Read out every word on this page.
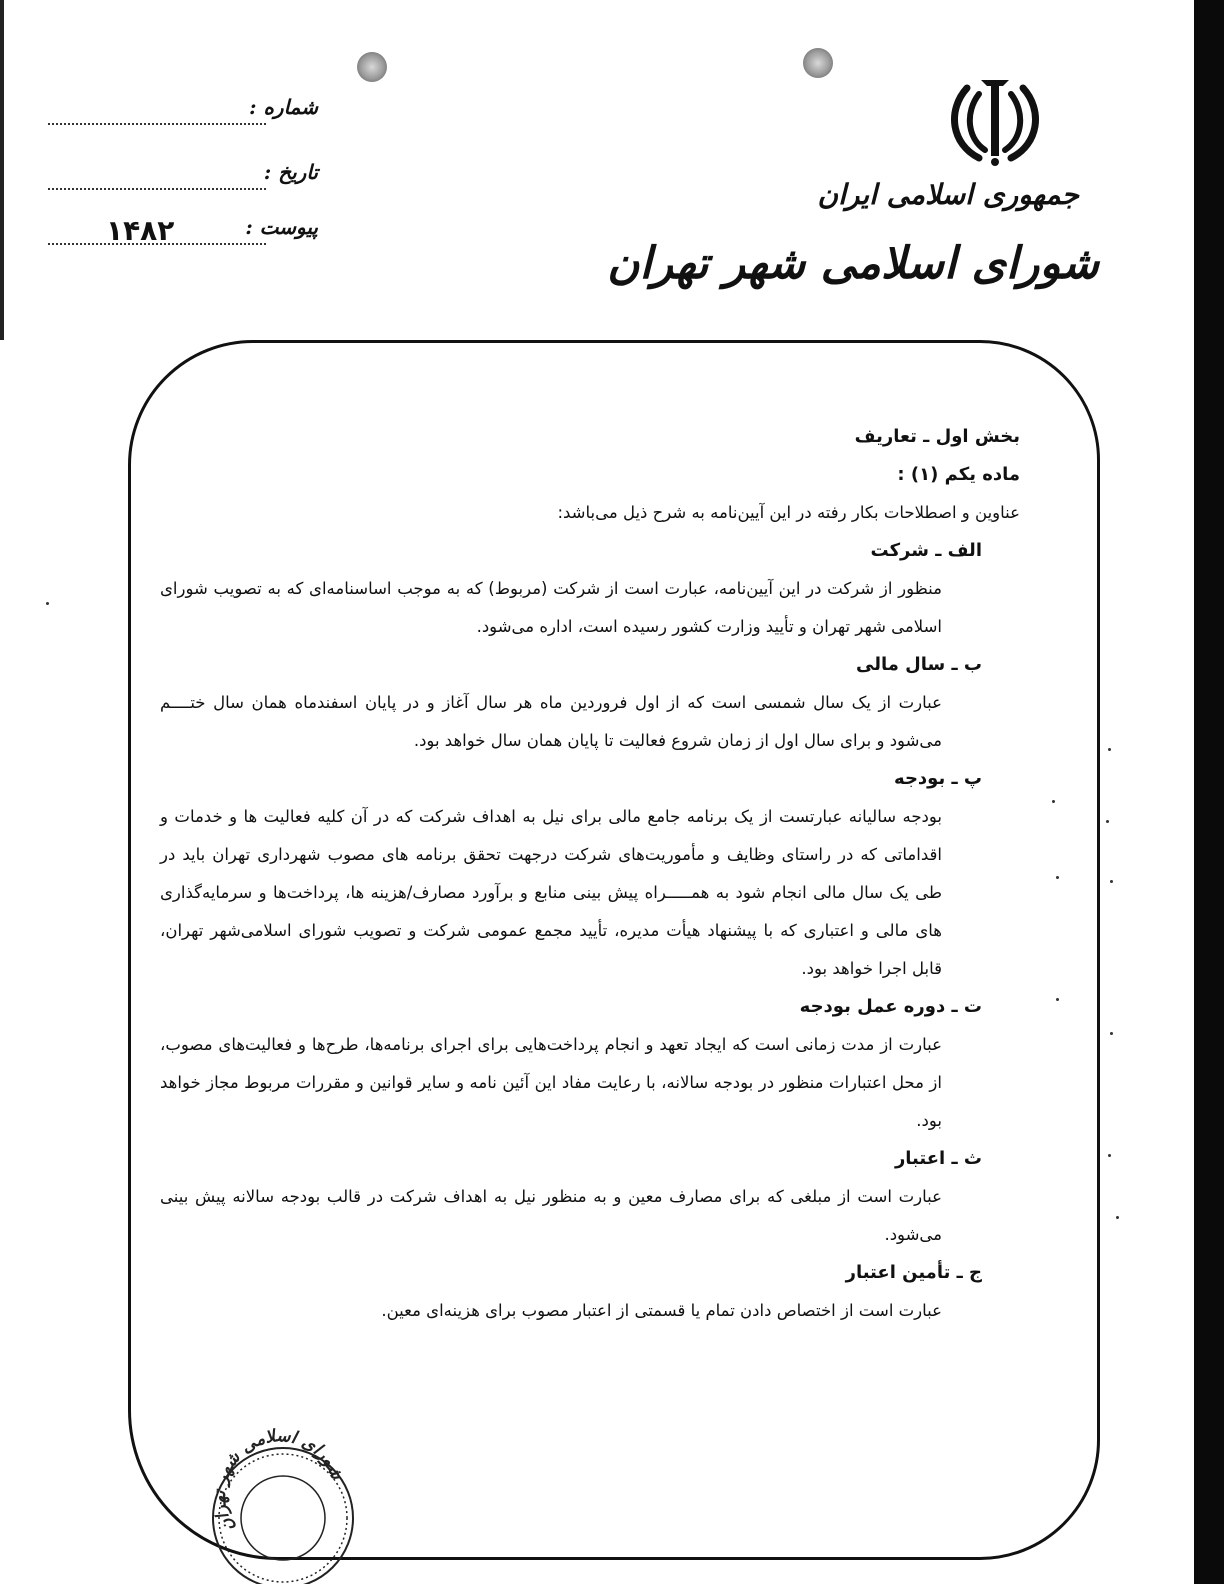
شماره :
تاریخ :
پیوست :
۱۴۸۲
جمهوری اسلامی ایران
شورای اسلامی شهر تهران
بخش اول ـ تعاریف
ماده یکم (۱) :

عناوین و اصطلاحات بکار رفته در این آیین‌نامه به شرح ذیل می‌باشد:

الف ـ شرکت

منظور از شرکت در این آیین‌نامه، عبارت است از شرکت (مربوط) که به موجب اساسنامه‌ای که به تصویب شورای اسلامی شهر تهران و تأیید وزارت کشور رسیده است، اداره می‌شود.

ب ـ سال مالی

عبارت از یک سال شمسی است که از اول فروردین ماه هر سال آغاز و در پایان اسفندماه همان سال ختــــم می‌شود و برای سال اول از زمان شروع فعالیت تا پایان همان سال خواهد بود.

پ ـ بودجه

بودجه سالیانه عبارتست از یک برنامه جامع مالی برای نیل به اهداف شرکت که در آن کلیه فعالیت ها و خدمات و اقداماتی که در راستای وظایف و مأموریت‌های شرکت درجهت تحقق برنامه های مصوب شهرداری تهران باید در طی یک سال مالی انجام شود به همـــــراه پیش بینی منابع و برآورد مصارف/هزینه ها، پرداخت‌ها و سرمایه‌گذاری های مالی و اعتباری که با پیشنهاد هیأت مدیره، تأیید مجمع عمومی شرکت و تصویب شورای اسلامی‌شهر تهران، قابل اجرا خواهد بود.

ت ـ دوره عمل بودجه

عبارت از مدت زمانی است که ایجاد تعهد و انجام پرداخت‌هایی برای اجرای برنامه‌ها، طرح‌ها و فعالیت‌های مصوب، از محل اعتبارات منظور در بودجه سالانه، با رعایت مفاد این آئین نامه و سایر قوانین و مقررات مربوط مجاز خواهد بود.

ث ـ اعتبار

عبارت است از مبلغی که برای مصارف معین و به منظور نیل به اهداف شرکت در قالب بودجه سالانه پیش بینی می‌شود.

ج ـ تأمین اعتبار

عبارت است از اختصاص دادن تمام یا قسمتی از اعتبار مصوب برای هزینه‌ای معین.

شورای اسلامی شهر تهران
